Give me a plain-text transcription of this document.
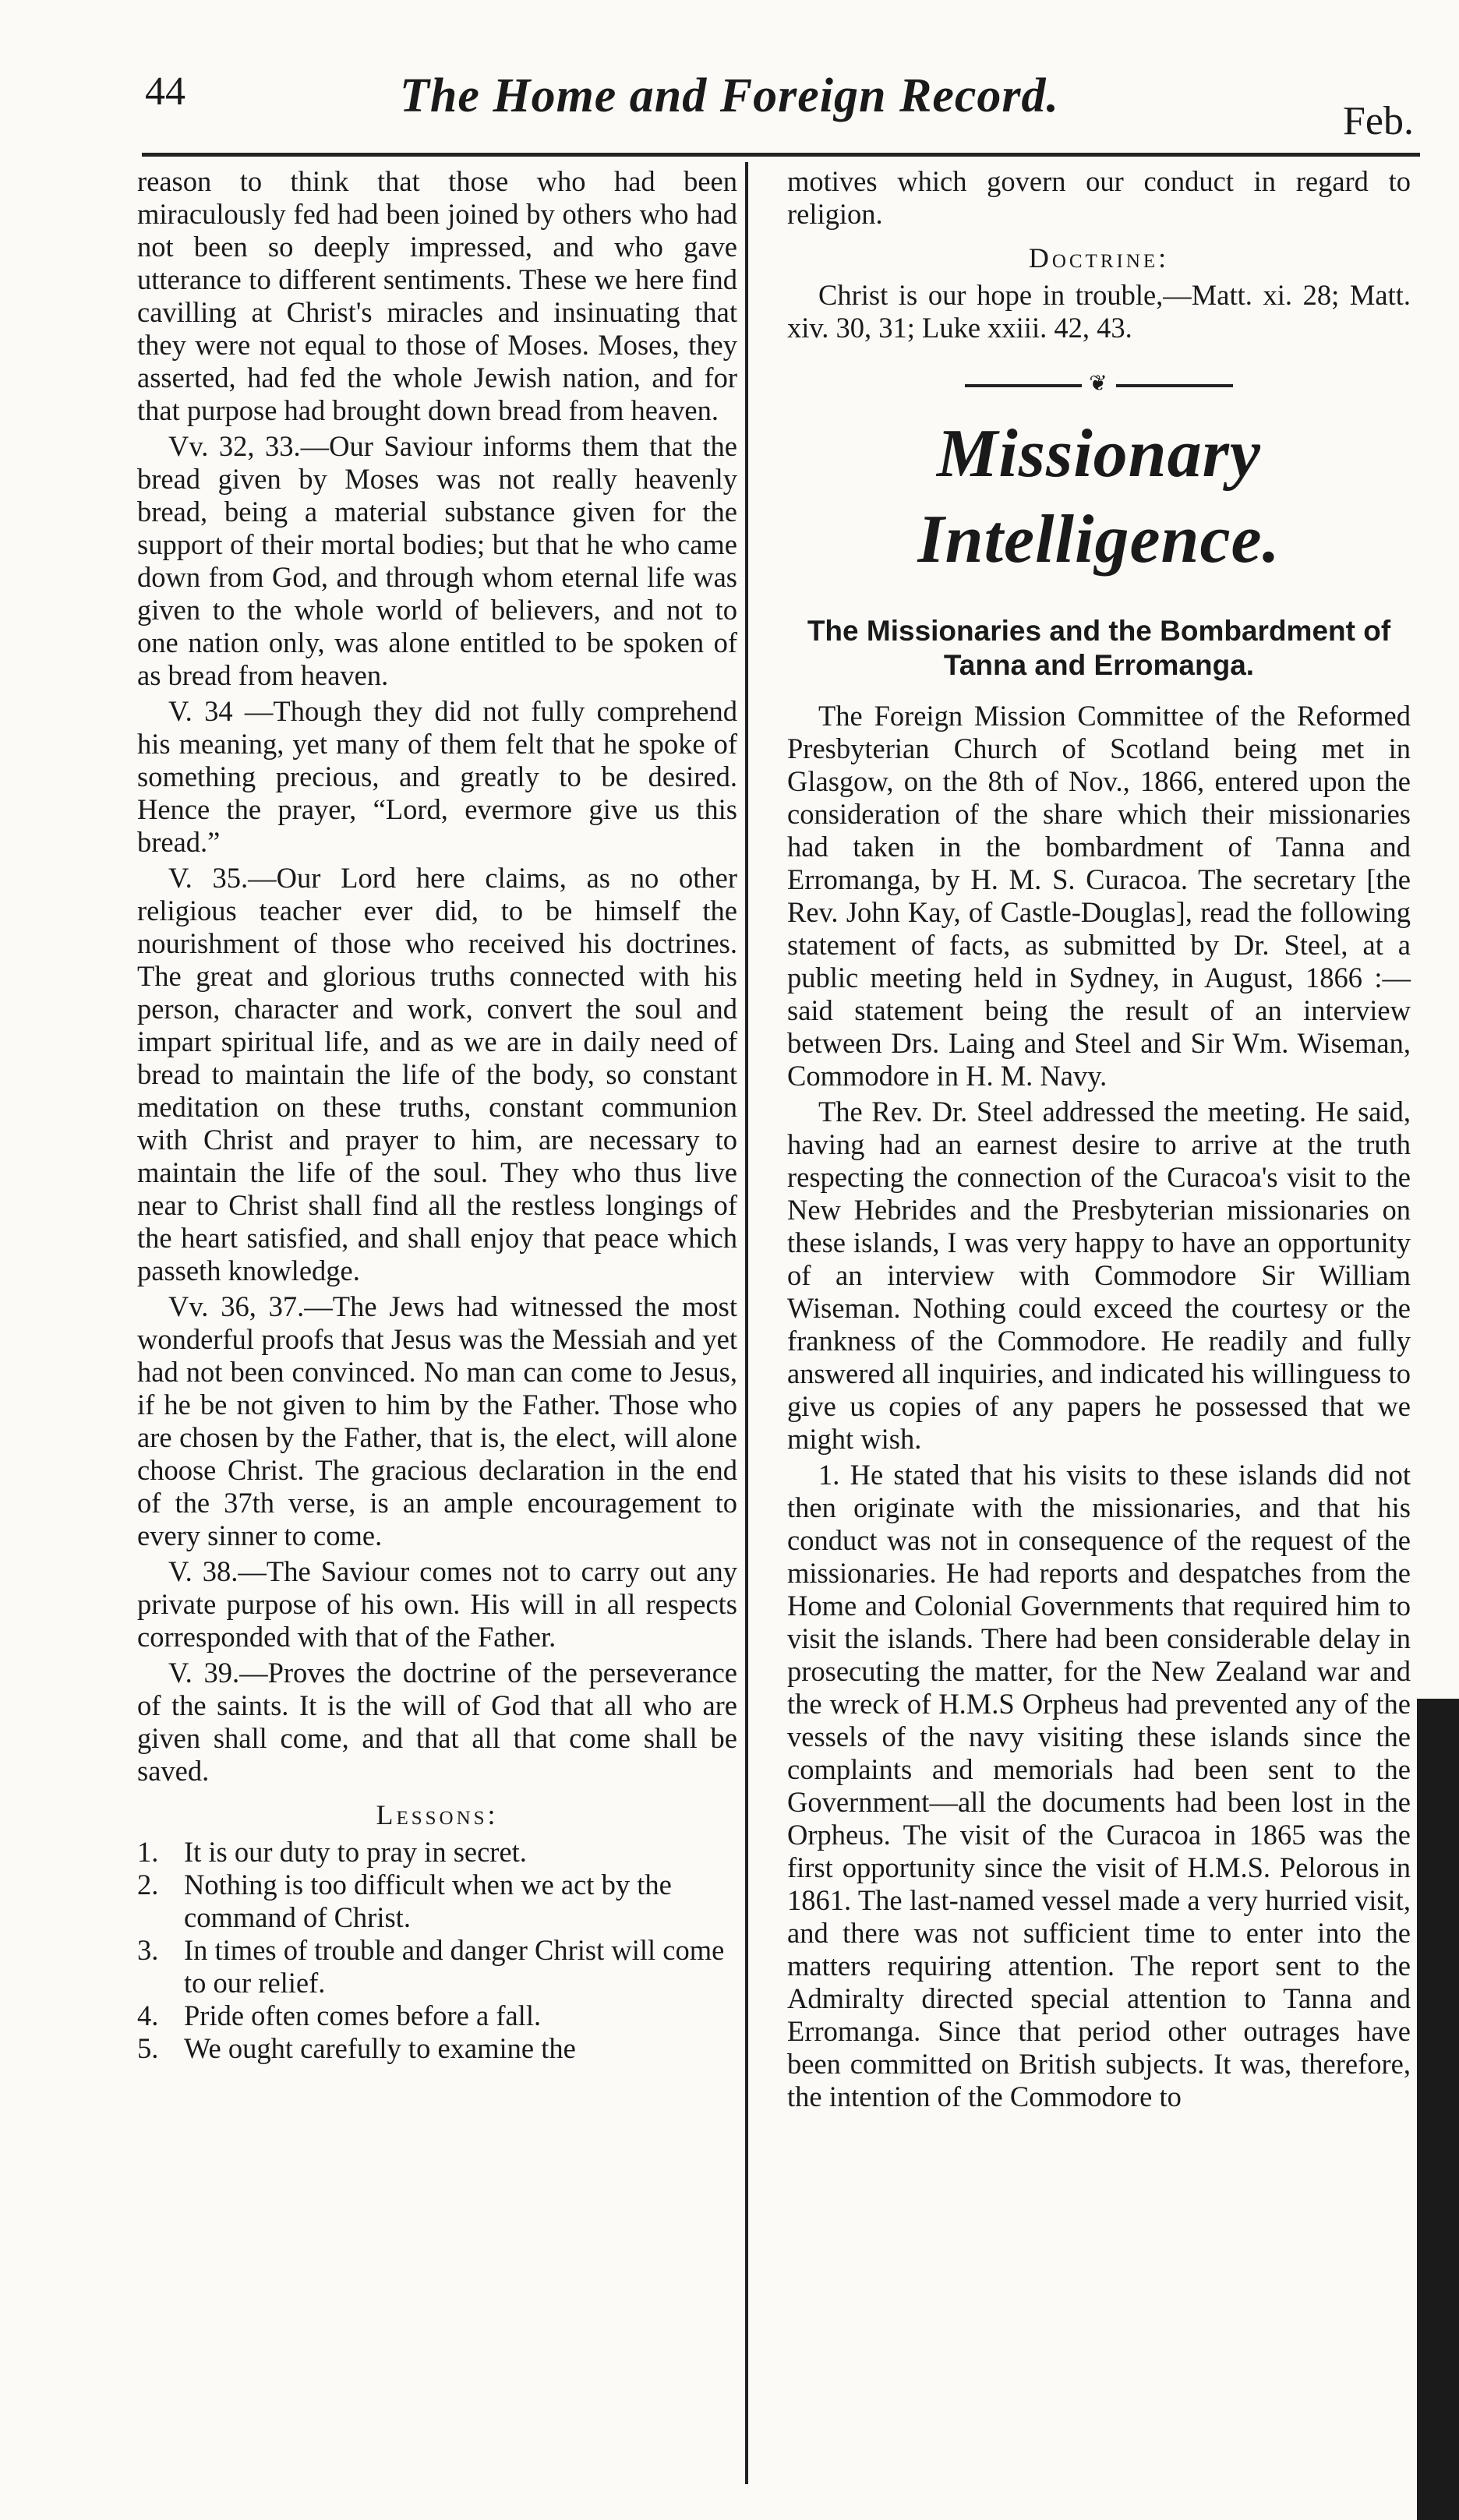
44	The Home and Foreign Record.	Feb.

reason to think that those who had been miraculously fed had been joined by others who had not been so deeply impressed, and who gave utterance to different sentiments. These we here find cavilling at Christ's miracles and insinuating that they were not equal to those of Moses. Moses, they asserted, had fed the whole Jewish nation, and for that purpose had brought down bread from heaven.

Vv. 32, 33.—Our Saviour informs them that the bread given by Moses was not really heavenly bread, being a material substance given for the support of their mortal bodies; but that he who came down from God, and through whom eternal life was given to the whole world of believers, and not to one nation only, was alone entitled to be spoken of as bread from heaven.

V. 34 —Though they did not fully comprehend his meaning, yet many of them felt that he spoke of something precious, and greatly to be desired. Hence the prayer, “Lord, evermore give us this bread.”

V. 35.—Our Lord here claims, as no other religious teacher ever did, to be himself the nourishment of those who received his doctrines. The great and glorious truths connected with his person, character and work, convert the soul and impart spiritual life, and as we are in daily need of bread to maintain the life of the body, so constant meditation on these truths, constant communion with Christ and prayer to him, are necessary to maintain the life of the soul. They who thus live near to Christ shall find all the restless longings of the heart satisfied, and shall enjoy that peace which passeth knowledge.

Vv. 36, 37.—The Jews had witnessed the most wonderful proofs that Jesus was the Messiah and yet had not been convinced. No man can come to Jesus, if he be not given to him by the Father. Those who are chosen by the Father, that is, the elect, will alone choose Christ. The gracious declaration in the end of the 37th verse, is an ample encouragement to every sinner to come.

V. 38.—The Saviour comes not to carry out any private purpose of his own. His will in all respects corresponded with that of the Father.

V. 39.—Proves the doctrine of the perseverance of the saints. It is the will of God that all who are given shall come, and that all that come shall be saved.

Lessons:
1. It is our duty to pray in secret.
2. Nothing is too difficult when we act by the command of Christ.
3. In times of trouble and danger Christ will come to our relief.
4. Pride often comes before a fall.
5. We ought carefully to examine the

motives which govern our conduct in regard to religion.

Doctrine:

Christ is our hope in trouble,—Matt. xi. 28; Matt. xiv. 30, 31; Luke xxiii. 42, 43.

❦
Missionary Intelligence.
The Missionaries and the Bombardment of Tanna and Erromanga.

The Foreign Mission Committee of the Reformed Presbyterian Church of Scotland being met in Glasgow, on the 8th of Nov., 1866, entered upon the consideration of the share which their missionaries had taken in the bombardment of Tanna and Erromanga, by H. M. S. Curacoa. The secretary [the Rev. John Kay, of Castle-Douglas], read the following statement of facts, as submitted by Dr. Steel, at a public meeting held in Sydney, in August, 1866 :—said statement being the result of an interview between Drs. Laing and Steel and Sir Wm. Wiseman, Commodore in H. M. Navy.

The Rev. Dr. Steel addressed the meeting. He said, having had an earnest desire to arrive at the truth respecting the connection of the Curacoa's visit to the New Hebrides and the Presbyterian missionaries on these islands, I was very happy to have an opportunity of an interview with Commodore Sir William Wiseman. Nothing could exceed the courtesy or the frankness of the Commodore. He readily and fully answered all inquiries, and indicated his willinguess to give us copies of any papers he possessed that we might wish.

1. He stated that his visits to these islands did not then originate with the missionaries, and that his conduct was not in consequence of the request of the missionaries. He had reports and despatches from the Home and Colonial Governments that required him to visit the islands. There had been considerable delay in prosecuting the matter, for the New Zealand war and the wreck of H.M.S Orpheus had prevented any of the vessels of the navy visiting these islands since the complaints and memorials had been sent to the Government—all the documents had been lost in the Orpheus. The visit of the Curacoa in 1865 was the first opportunity since the visit of H.M.S. Pelorous in 1861. The last-named vessel made a very hurried visit, and there was not sufficient time to enter into the matters requiring attention. The report sent to the Admiralty directed special attention to Tanna and Erromanga. Since that period other outrages have been committed on British subjects. It was, therefore, the intention of the Commodore to
